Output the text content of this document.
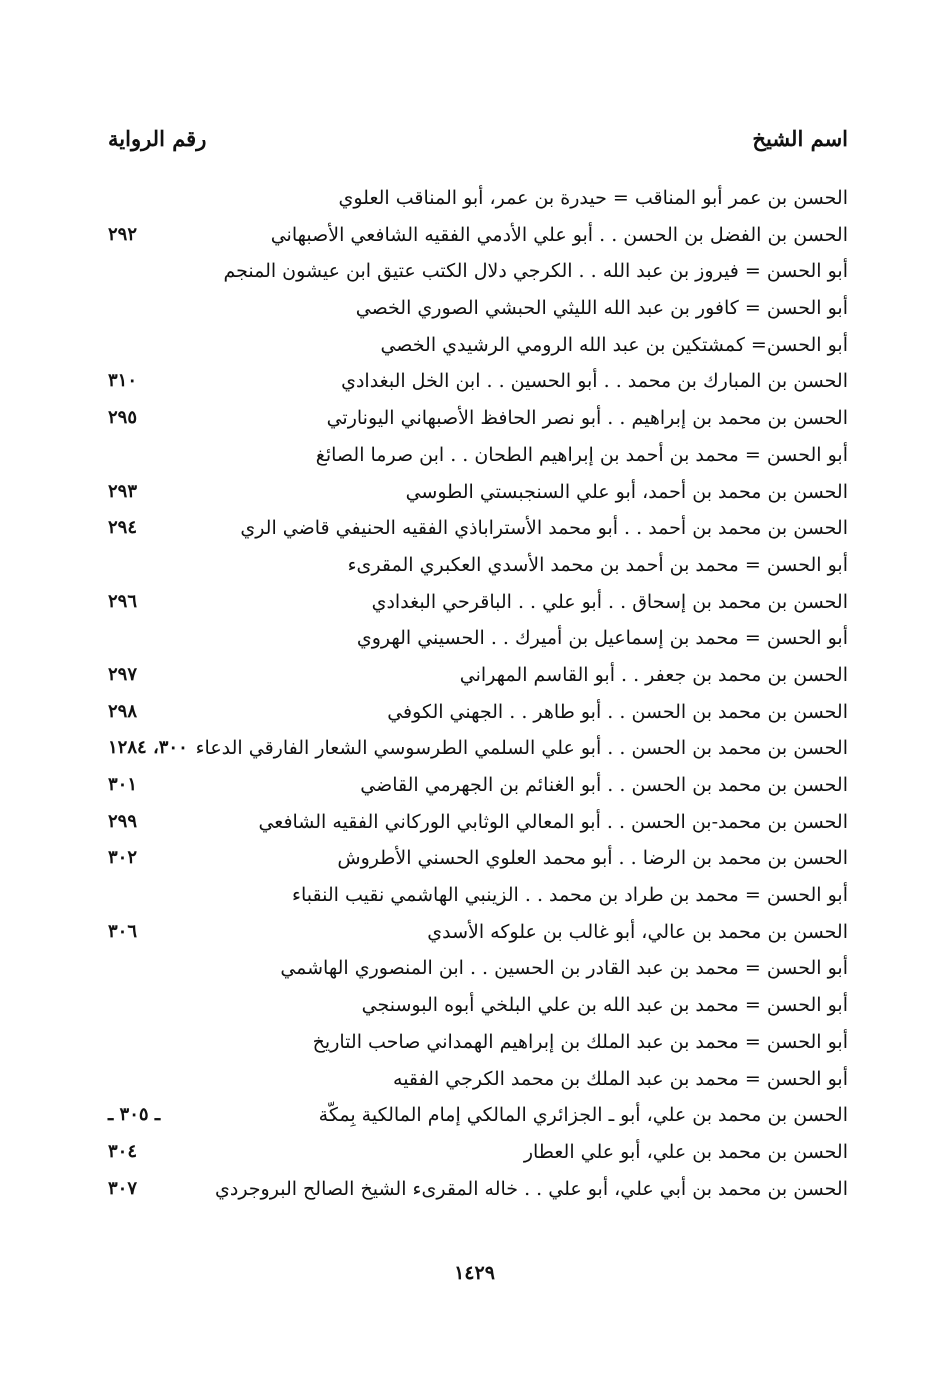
اسم الشيخ
رقم الرواية
الحسن بن عمر أبو المناقب = حيدرة بن عمر، أبو المناقب العلوي
الحسن بن الفضل بن الحسن . . أبو علي الأدمي الفقيه الشافعي الأصبهاني
٢٩٢
أبو الحسن = فيروز بن عبد الله . . الكرجي دلال الكتب عتيق ابن عيشون المنجم
أبو الحسن = كافور بن عبد الله الليثي الحبشي الصوري الخصي
أبو الحسن= كمشتكين بن عبد الله الرومي الرشيدي الخصي
الحسن بن المبارك بن محمد . . أبو الحسين . . ابن الخل البغدادي
٣١٠
الحسن بن محمد بن إبراهيم . . أبو نصر الحافظ الأصبهاني اليونارتي
٢٩٥
أبو الحسن = محمد بن أحمد بن إبراهيم الطحان . . ابن صرما الصائغ
الحسن بن محمد بن أحمد، أبو علي السنجبستي الطوسي
٢٩٣
الحسن بن محمد بن أحمد . . أبو محمد الأستراباذي الفقيه الحنيفي قاضي الري
٢٩٤
أبو الحسن = محمد بن أحمد بن محمد الأسدي العكبري المقرىء
الحسن بن محمد بن إسحاق . . أبو علي . . الباقرحي البغدادي
٢٩٦
أبو الحسن = محمد بن إسماعيل بن أميرك . . الحسيني الهروي
الحسن بن محمد بن جعفر . . أبو القاسم المهراني
٢٩٧
الحسن بن محمد بن الحسن . . أبو طاهر . . الجهني الكوفي
٢٩٨
الحسن بن محمد بن الحسن . . أبو علي السلمي الطرسوسي الشعار الفارقي الدعاء
٣٠٠، ١٢٨٤
الحسن بن محمد بن الحسن . . أبو الغنائم بن الجهرمي القاضي
٣٠١
الحسن بن محمد-بن الحسن . . أبو المعالي الوثابي الوركاني الفقيه الشافعي
٢٩٩
الحسن بن محمد بن الرضا . . أبو محمد العلوي الحسني الأطروش
٣٠٢
أبو الحسن = محمد بن طراد بن محمد . . الزينبي الهاشمي نقيب النقباء
الحسن بن محمد بن عالي، أبو غالب بن علوكه الأسدي
٣٠٦
أبو الحسن = محمد بن عبد القادر بن الحسين . . ابن المنصوري الهاشمي
أبو الحسن = محمد بن عبد الله بن علي البلخي أبوه البوسنجي
أبو الحسن = محمد بن عبد الملك بن إبراهيم الهمداني صاحب التاريخ
أبو الحسن = محمد بن عبد الملك بن محمد الكرجي الفقيه
الحسن بن محمد بن علي، أبو ـ الجزائري المالكي إمام المالكية بِمكّة
ـ ٣٠٥ ـ
الحسن بن محمد بن علي، أبو علي العطار
٣٠٤
الحسن بن محمد بن أبي علي، أبو علي . . خاله المقرىء الشيخ الصالح البروجردي
٣٠٧
١٤٢٩
